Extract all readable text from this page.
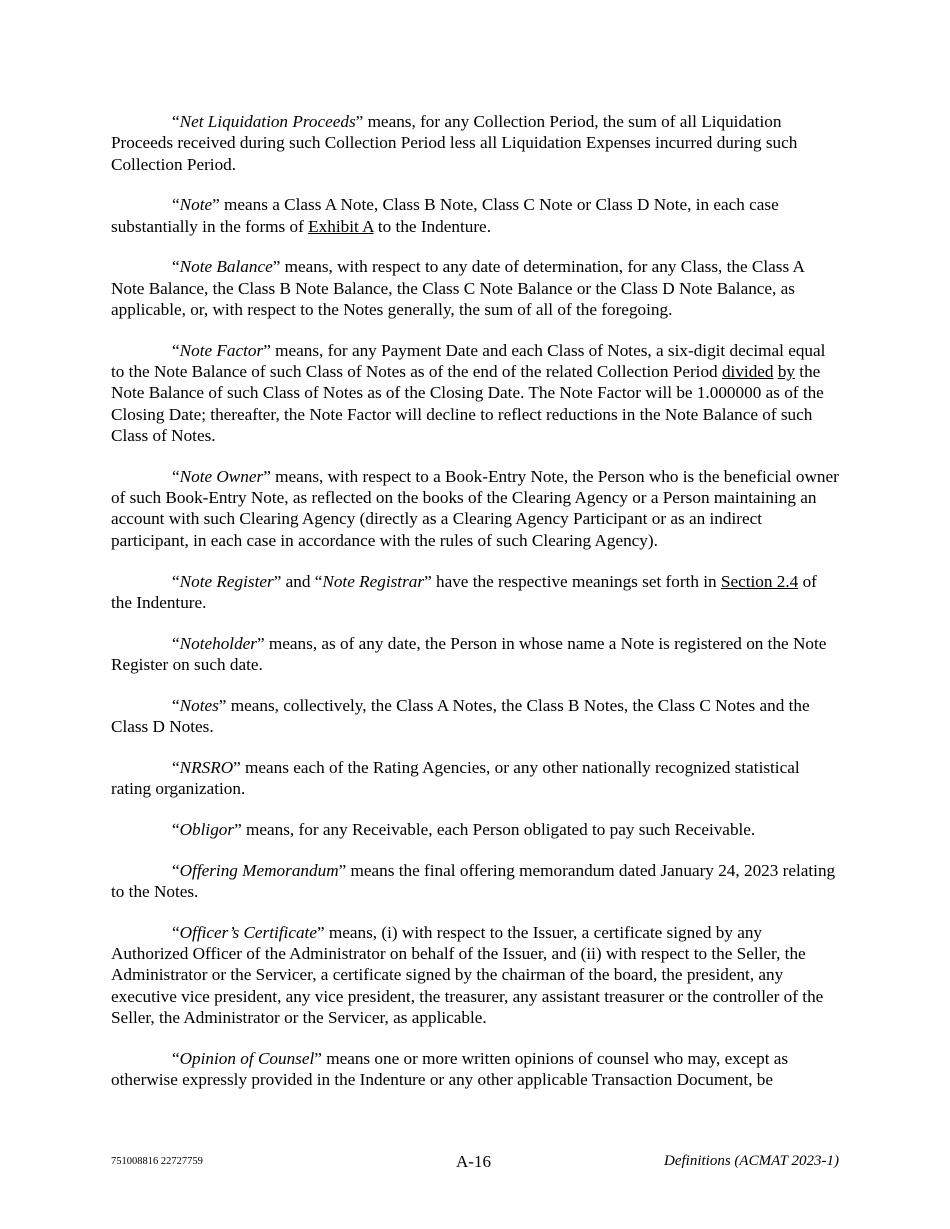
“Net Liquidation Proceeds” means, for any Collection Period, the sum of all Liquidation Proceeds received during such Collection Period less all Liquidation Expenses incurred during such Collection Period.

“Note” means a Class A Note, Class B Note, Class C Note or Class D Note, in each case substantially in the forms of Exhibit A to the Indenture.

“Note Balance” means, with respect to any date of determination, for any Class, the Class A Note Balance, the Class B Note Balance, the Class C Note Balance or the Class D Note Balance, as applicable, or, with respect to the Notes generally, the sum of all of the foregoing.

“Note Factor” means, for any Payment Date and each Class of Notes, a six-digit decimal equal to the Note Balance of such Class of Notes as of the end of the related Collection Period divided by the Note Balance of such Class of Notes as of the Closing Date. The Note Factor will be 1.000000 as of the Closing Date; thereafter, the Note Factor will decline to reflect reductions in the Note Balance of such Class of Notes.

“Note Owner” means, with respect to a Book-Entry Note, the Person who is the beneficial owner of such Book-Entry Note, as reflected on the books of the Clearing Agency or a Person maintaining an account with such Clearing Agency (directly as a Clearing Agency Participant or as an indirect participant, in each case in accordance with the rules of such Clearing Agency).

“Note Register” and “Note Registrar” have the respective meanings set forth in Section 2.4 of the Indenture.

“Noteholder” means, as of any date, the Person in whose name a Note is registered on the Note Register on such date.

“Notes” means, collectively, the Class A Notes, the Class B Notes, the Class C Notes and the Class D Notes.

“NRSRO” means each of the Rating Agencies, or any other nationally recognized statistical rating organization.

“Obligor” means, for any Receivable, each Person obligated to pay such Receivable.

“Offering Memorandum” means the final offering memorandum dated January 24, 2023 relating to the Notes.

“Officer’s Certificate” means, (i) with respect to the Issuer, a certificate signed by any Authorized Officer of the Administrator on behalf of the Issuer, and (ii) with respect to the Seller, the Administrator or the Servicer, a certificate signed by the chairman of the board, the president, any executive vice president, any vice president, the treasurer, any assistant treasurer or the controller of the Seller, the Administrator or the Servicer, as applicable.

“Opinion of Counsel” means one or more written opinions of counsel who may, except as otherwise expressly provided in the Indenture or any other applicable Transaction Document, be

751008816 22727759	A-16	Definitions (ACMAT 2023-1)
